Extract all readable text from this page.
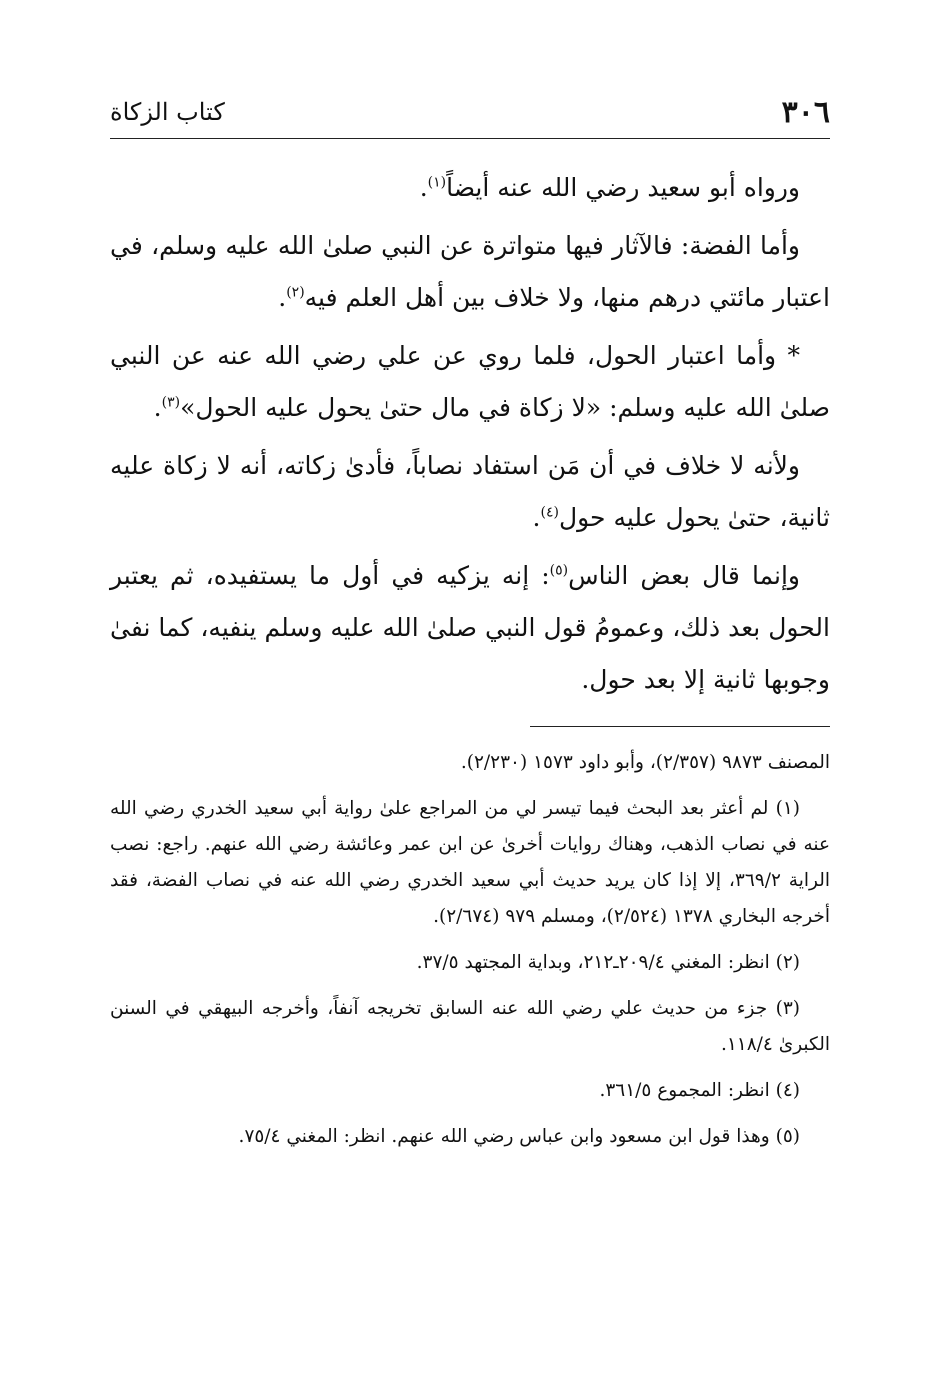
٣٠٦
كتاب الزكاة

ورواه أبو سعيد رضي الله عنه أيضاً$^{(١)}$.

وأما الفضة: فالآثار فيها متواترة عن النبي صلىٰ الله عليه وسلم، في اعتبار مائتي درهم منها، ولا خلاف بين أهل العلم فيه$^{(٢)}$.

* وأما اعتبار الحول، فلما روي عن علي رضي الله عنه عن النبي صلىٰ الله عليه وسلم: «لا زكاة في مال حتىٰ يحول عليه الحول»$^{(٣)}$.

ولأنه لا خلاف في أن مَن استفاد نصاباً، فأدىٰ زكاته، أنه لا زكاة عليه ثانية، حتىٰ يحول عليه حول$^{(٤)}$.

وإنما قال بعض الناس$^{(٥)}$: إنه يزكيه في أول ما يستفيده، ثم يعتبر الحول بعد ذلك، وعمومُ قول النبي صلىٰ الله عليه وسلم ينفيه، كما نفىٰ وجوبها ثانية إلا بعد حول.

المصنف ٩٨٧٣ (٢/٣٥٧)، وأبو داود ١٥٧٣ (٢/٢٣٠).

(١) لم أعثر بعد البحث فيما تيسر لي من المراجع علىٰ رواية أبي سعيد الخدري رضي الله عنه في نصاب الذهب، وهناك روايات أخرىٰ عن ابن عمر وعائشة رضي الله عنهم. راجع: نصب الراية ٣٦٩/٢، إلا إذا كان يريد حديث أبي سعيد الخدري رضي الله عنه في نصاب الفضة، فقد أخرجه البخاري ١٣٧٨ (٢/٥٢٤)، ومسلم ٩٧٩ (٢/٦٧٤).

(٢) انظر: المغني ٢٠٩/٤ـ٢١٢، وبداية المجتهد ٣٧/٥.

(٣) جزء من حديث علي رضي الله عنه السابق تخريجه آنفاً، وأخرجه البيهقي في السنن الكبرىٰ ١١٨/٤.

(٤) انظر: المجموع ٣٦١/٥.

(٥) وهذا قول ابن مسعود وابن عباس رضي الله عنهم. انظر: المغني ٧٥/٤.
